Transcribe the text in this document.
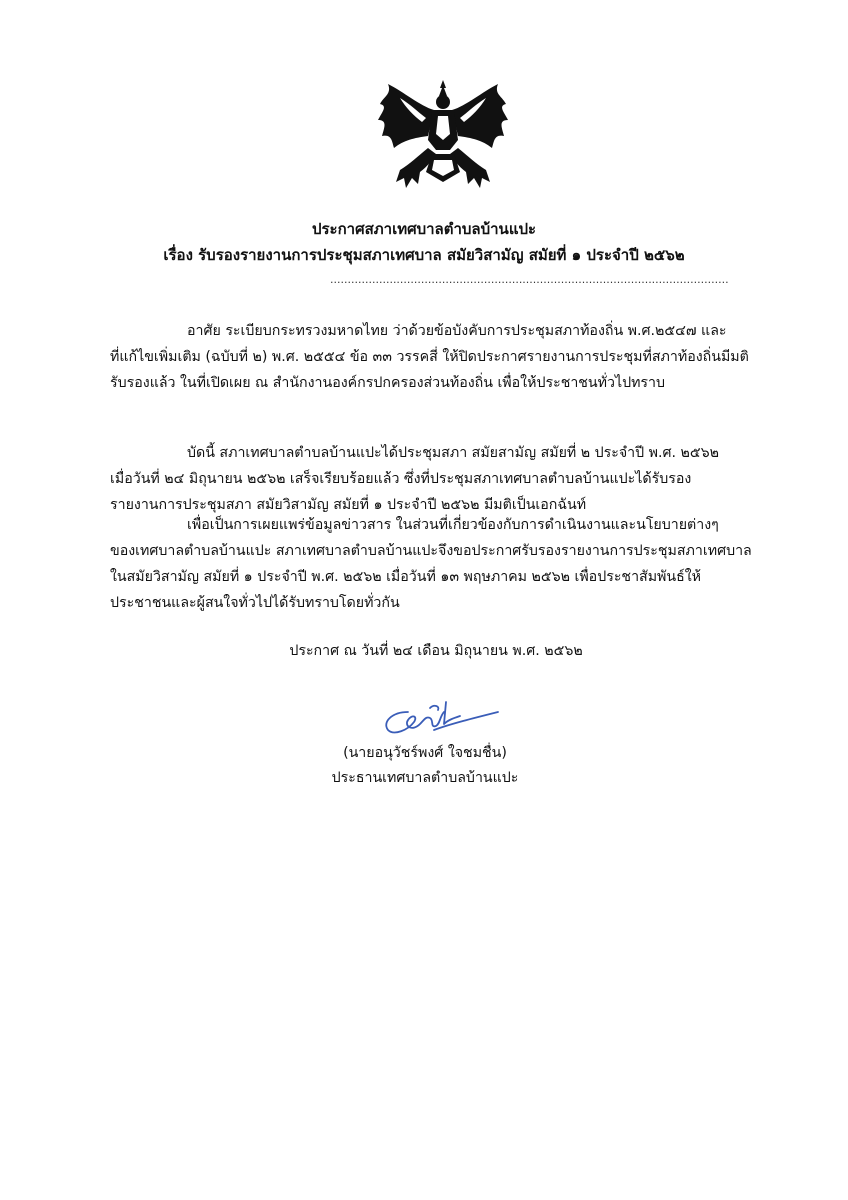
ประกาศสภาเทศบาลตำบลบ้านแปะ
เรื่อง รับรองรายงานการประชุมสภาเทศบาล สมัยวิสามัญ สมัยที่ ๑ ประจำปี ๒๕๖๒
..................................................................................................................
อาศัย ระเบียบกระทรวงมหาดไทย ว่าด้วยข้อบังคับการประชุมสภาท้องถิ่น พ.ศ.๒๕๔๗ และ
ที่แก้ไขเพิ่มเติม (ฉบับที่ ๒) พ.ศ. ๒๕๕๔ ข้อ ๓๓ วรรคสี่ ให้ปิดประกาศรายงานการประชุมที่สภาท้องถิ่นมีมติ
รับรองแล้ว ในที่เปิดเผย ณ สำนักงานองค์กรปกครองส่วนท้องถิ่น เพื่อให้ประชาชนทั่วไปทราบ
บัดนี้ สภาเทศบาลตำบลบ้านแปะได้ประชุมสภา สมัยสามัญ สมัยที่ ๒ ประจำปี พ.ศ. ๒๕๖๒
เมื่อวันที่ ๒๔ มิถุนายน ๒๕๖๒ เสร็จเรียบร้อยแล้ว ซึ่งที่ประชุมสภาเทศบาลตำบลบ้านแปะได้รับรอง
รายงานการประชุมสภา สมัยวิสามัญ สมัยที่ ๑ ประจำปี ๒๕๖๒ มีมติเป็นเอกฉันท์
เพื่อเป็นการเผยแพร่ข้อมูลข่าวสาร ในส่วนที่เกี่ยวข้องกับการดำเนินงานและนโยบายต่างๆ
ของเทศบาลตำบลบ้านแปะ สภาเทศบาลตำบลบ้านแปะจึงขอประกาศรับรองรายงานการประชุมสภาเทศบาล
ในสมัยวิสามัญ สมัยที่ ๑ ประจำปี พ.ศ. ๒๕๖๒ เมื่อวันที่ ๑๓ พฤษภาคม ๒๕๖๒ เพื่อประชาสัมพันธ์ให้
ประชาชนและผู้สนใจทั่วไปได้รับทราบโดยทั่วกัน
ประกาศ ณ วันที่ ๒๔ เดือน มิถุนายน พ.ศ. ๒๕๖๒
(นายอนุวัชร์พงศ์ ใจชมชื่น)
ประธานเทศบาลตำบลบ้านแปะ
